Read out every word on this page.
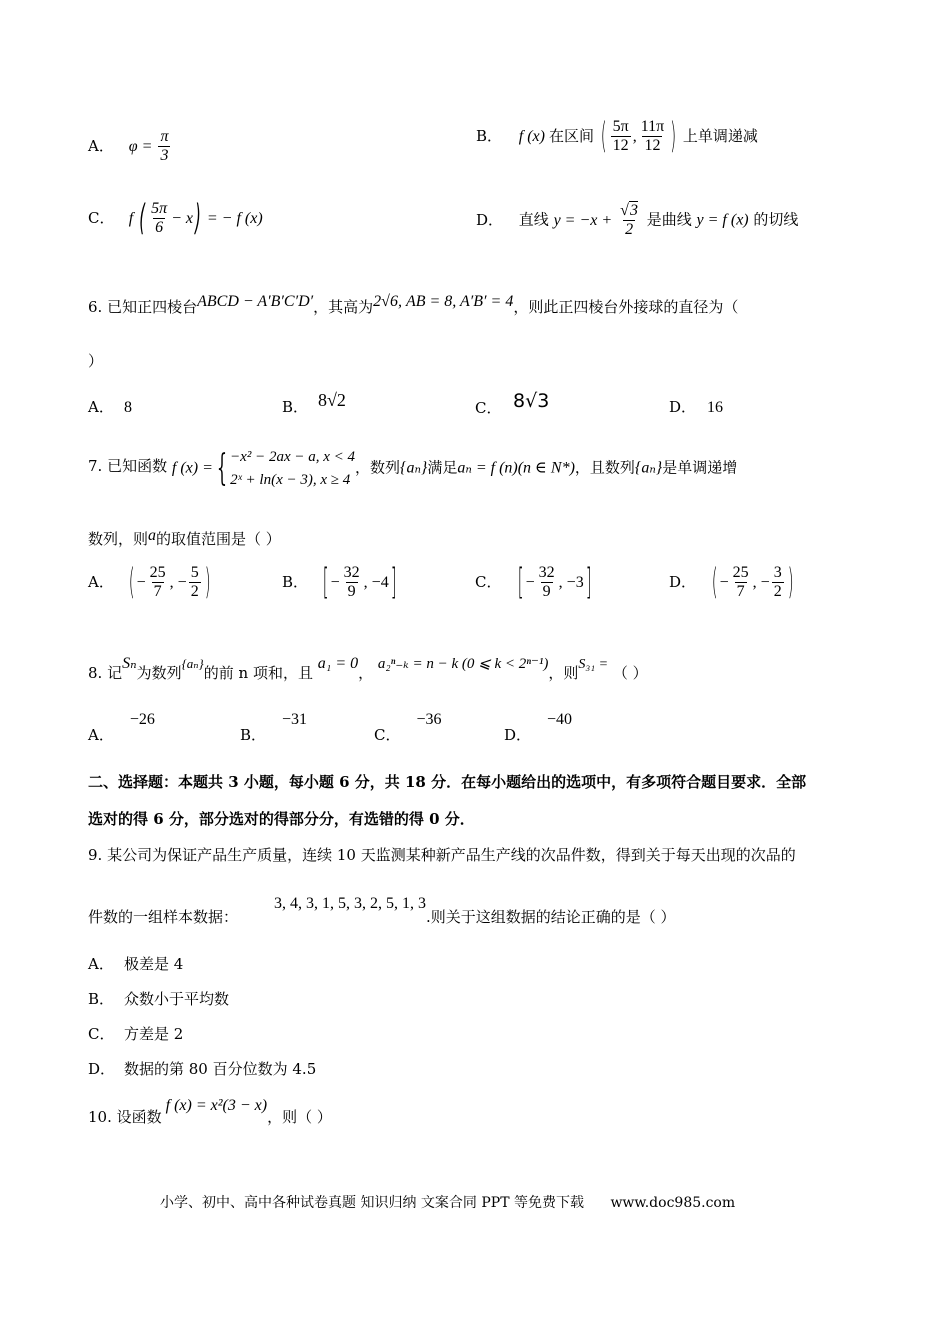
A． $\varphi = \frac{\pi}{3}$	B． f (x) 在区间 ( $\frac{5\pi}{12}$ , $\frac{11\pi}{12}$ ) 上单调递减
C． f ( $\frac{5\pi}{6} - x$ ) = − f (x)	D． 直线 $y = -x + \frac{√3}{2}$ 是曲线 y = f (x) 的切线
6. 已知正四棱台ABCD − A′B′C′D′，其高为2√6, AB = 8, A′B′ = 4，则此正四棱台外接球的直径为（
）
A． 8	B． 8√2	C． 8√3	D． 16
7. 已知函数 f (x) = { −x² − 2ax − a, x < 4
2ˣ + ln(x − 3), x ≥ 4
，数列{aₙ}满足aₙ = f (n)(n ∈ N*)，且数列{aₙ}是单调递增
数列，则a的取值范围是（ ）
A． ( − $\frac{25}{7}$ , − $\frac{5}{2}$ )	B． [ − $\frac{32}{9}$ , −4 ]	C． [ − $\frac{32}{9}$ , −3 ]	D． ( − $\frac{25}{7}$ , − $\frac{3}{2}$ )
8. 记Sₙ为数列{aₙ}的前 n 项和，且 a₁ = 0， a₂ⁿ₋ₖ = n − k (0 ⩽ k < 2ⁿ⁻¹)，则S₃₁ = （ ）
A．−26
B．−31
C．−36
D．−40
二、选择题：本题共 3 小题，每小题 6 分，共 18 分．在每小题给出的选项中，有多项符合题目要求．全部
选对的得 6 分，部分选对的得部分分，有选错的得 0 分．
9. 某公司为保证产品生产质量，连续 10 天监测某种新产品生产线的次品件数，得到关于每天出现的次品的
件数的一组样本数据：3, 4, 3, 1, 5, 3, 2, 5, 1, 3.则关于这组数据的结论正确的是（ ）
A． 极差是 4
B． 众数小于平均数
C． 方差是 2
D． 数据的第 80 百分位数为 4.5
10. 设函数f (x) = x²(3 − x)，则（ ）
小学、初中、高中各种试卷真题 知识归纳 文案合同 PPT 等免费下载 www.doc985.com
